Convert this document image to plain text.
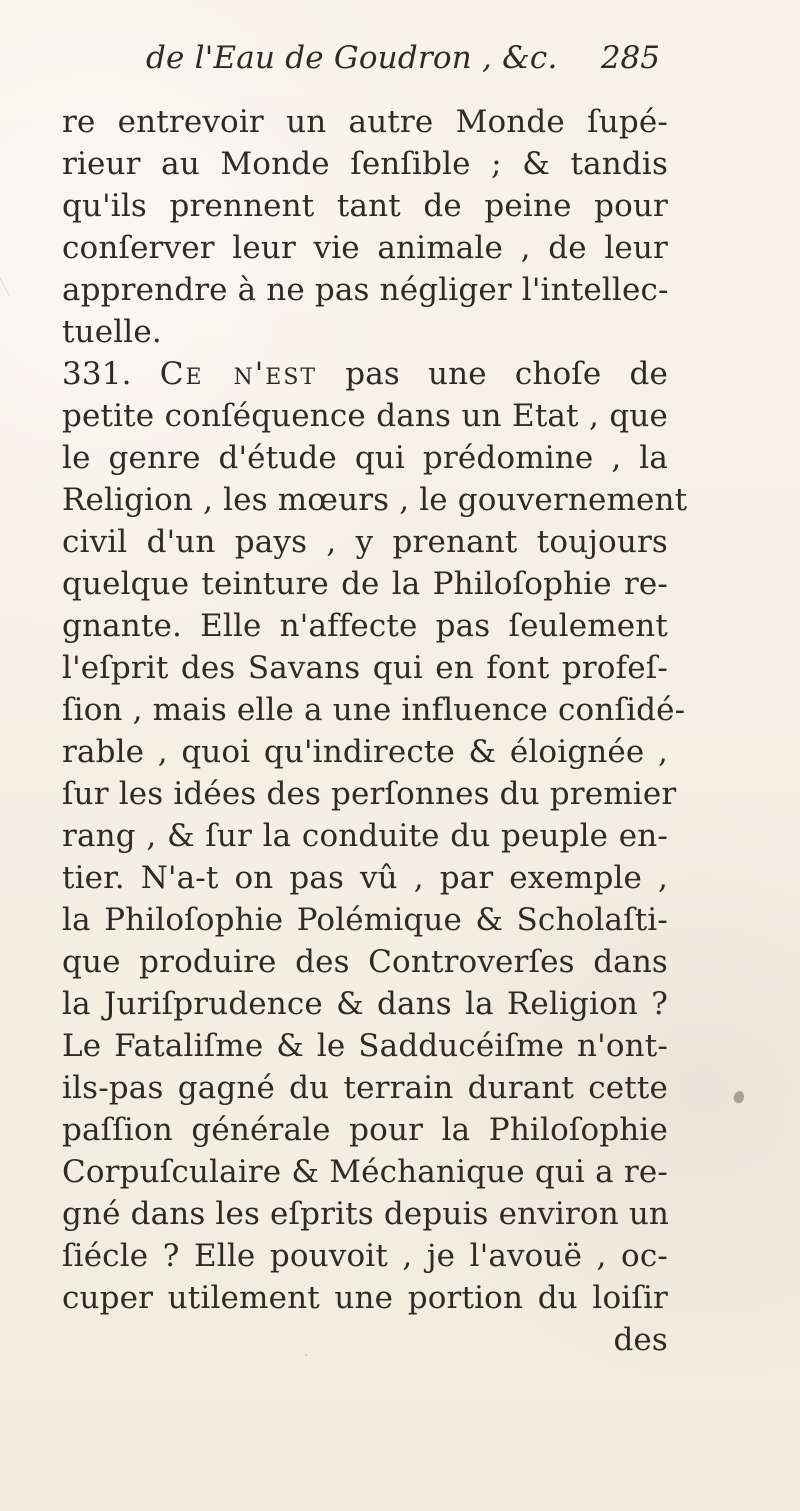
de l'Eau de Goudron , &c. 285
re entrevoir un autre Monde ſupé-
rieur au Monde ſenſible ; & tandis
qu'ils prennent tant de peine pour
conſerver leur vie animale , de leur
apprendre à ne pas négliger l'intellec-
tuelle.
331. Ce n'est pas une choſe de
petite conſéquence dans un Etat , que
le genre d'étude qui prédomine , la
Religion , les mœurs , le gouvernement
civil d'un pays , y prenant toujours
quelque teinture de la Philoſophie re-
gnante. Elle n'affecte pas ſeulement
l'eſprit des Savans qui en font profeſ-
ſion , mais elle a une influence conſidé-
rable , quoi qu'indirecte & éloignée ,
ſur les idées des perſonnes du premier
rang , & ſur la conduite du peuple en-
tier. N'a-t on pas vû , par exemple ,
la Philoſophie Polémique & Scholaſti-
que produire des Controverſes dans
la Juriſprudence & dans la Religion ?
Le Fataliſme & le Sadducéiſme n'ont-
ils-pas gagné du terrain durant cette
paſſion générale pour la Philoſophie
Corpuſculaire & Méchanique qui a re-
gné dans les eſprits depuis environ un
ſiécle ? Elle pouvoit , je l'avouë , oc-
cuper utilement une portion du loiſir
des
